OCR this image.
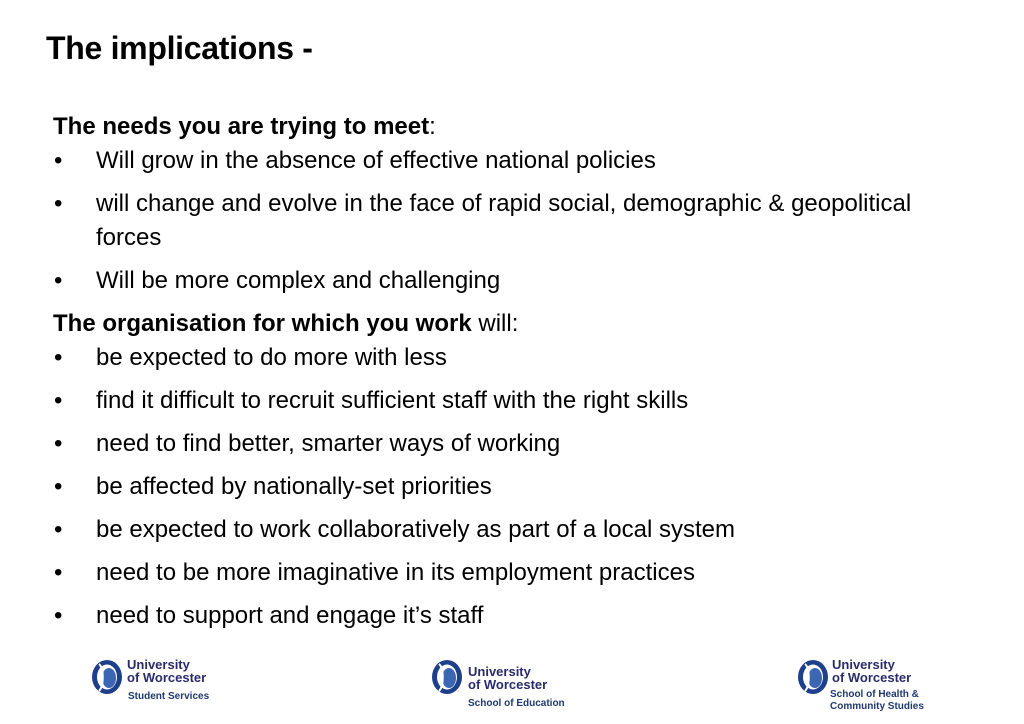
The implications -

The needs you are trying to meet:

• Will grow in the absence of effective national policies
• will change and evolve in the face of rapid social, demographic & geopolitical forces
• Will be more complex and challenging

The organisation for which you work will:

• be expected to do more with less
• find it difficult to recruit sufficient staff with the right skills
• need to find better, smarter ways of working
• be affected by nationally-set priorities
• be expected to work collaboratively as part of a local system
• need to be more imaginative in its employment practices
• need to support and engage it’s staff
University
of Worcester
Student Services
University
of Worcester
School of Education
University
of Worcester
School of Health & Community Studies
